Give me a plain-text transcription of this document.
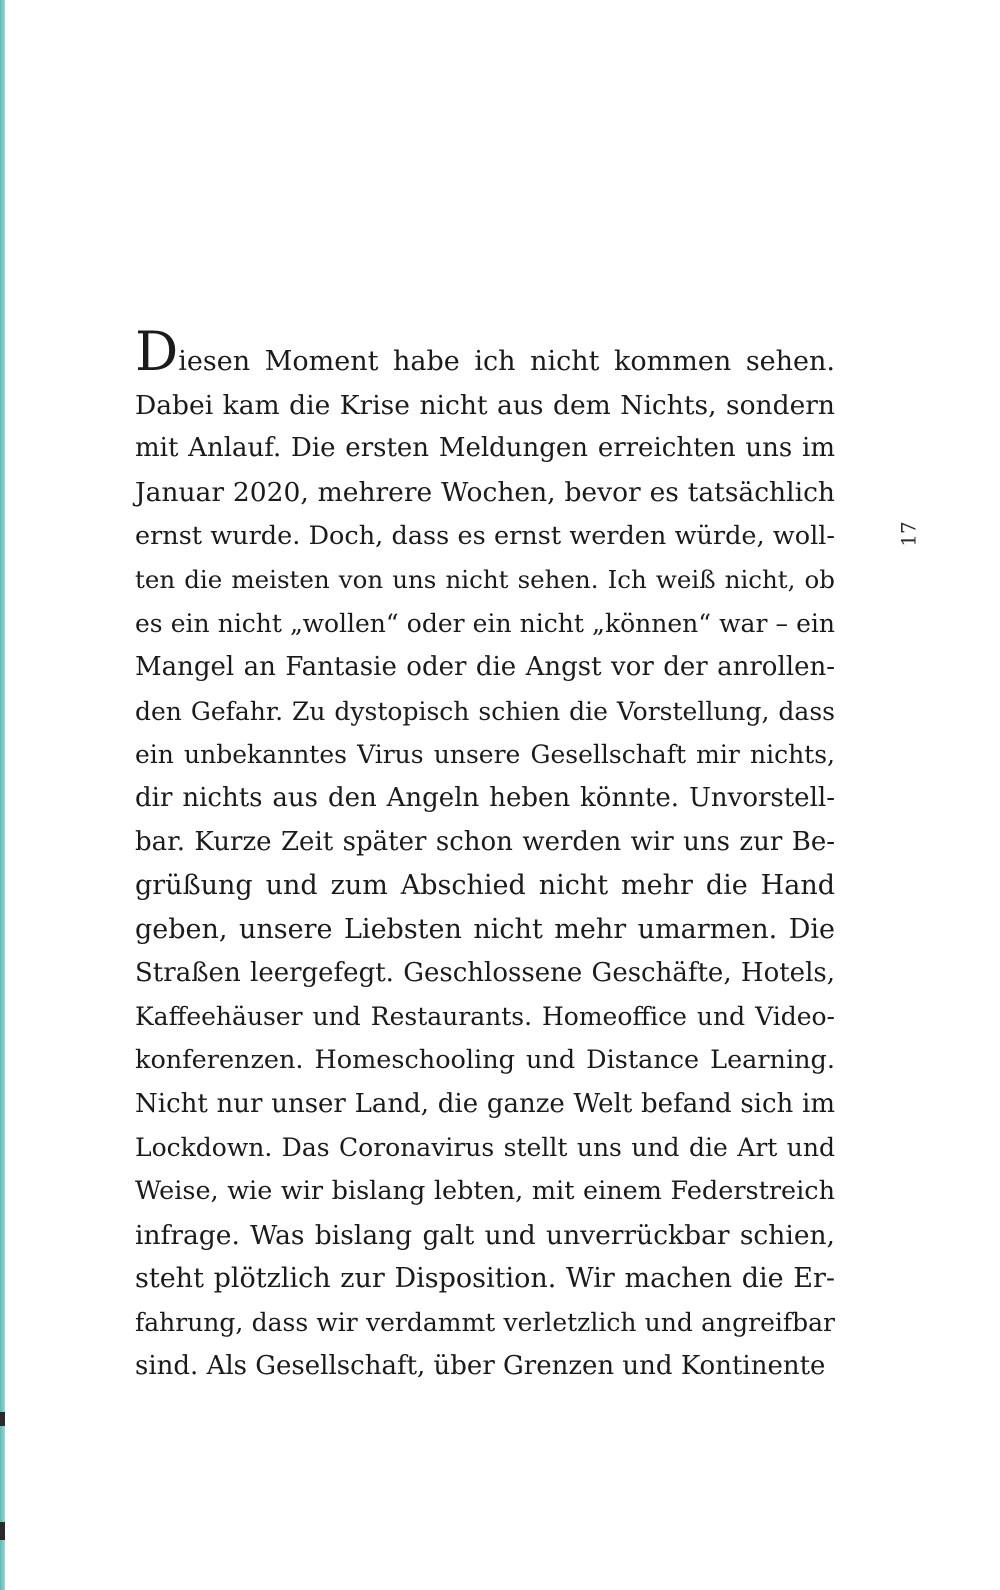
Diesen Moment habe ich nicht kommen sehen.
Dabei kam die Krise nicht aus dem Nichts, sondern
mit Anlauf. Die ersten Meldungen erreichten uns im
Januar 2020, mehrere Wochen, bevor es tatsächlich
ernst wurde. Doch, dass es ernst werden würde, woll-
ten die meisten von uns nicht sehen. Ich weiß nicht, ob
es ein nicht „wollen“ oder ein nicht „können“ war – ein
Mangel an Fantasie oder die Angst vor der anrollen-
den Gefahr. Zu dystopisch schien die Vorstellung, dass
ein unbekanntes Virus unsere Gesellschaft mir nichts,
dir nichts aus den Angeln heben könnte. Unvorstell-
bar. Kurze Zeit später schon werden wir uns zur Be-
grüßung und zum Abschied nicht mehr die Hand
geben, unsere Liebsten nicht mehr umarmen. Die
Straßen leergefegt. Geschlossene Geschäfte, Hotels,
Kaffeehäuser und Restaurants. Homeoffice und Video-
konferenzen. Homeschooling und Distance Learning.
Nicht nur unser Land, die ganze Welt befand sich im
Lockdown. Das Coronavirus stellt uns und die Art und
Weise, wie wir bislang lebten, mit einem Federstreich
infrage. Was bislang galt und unverrückbar schien,
steht plötzlich zur Disposition. Wir machen die Er-
fahrung, dass wir verdammt verletzlich und angreifbar
sind. Als Gesellschaft, über Grenzen und Kontinente
17
